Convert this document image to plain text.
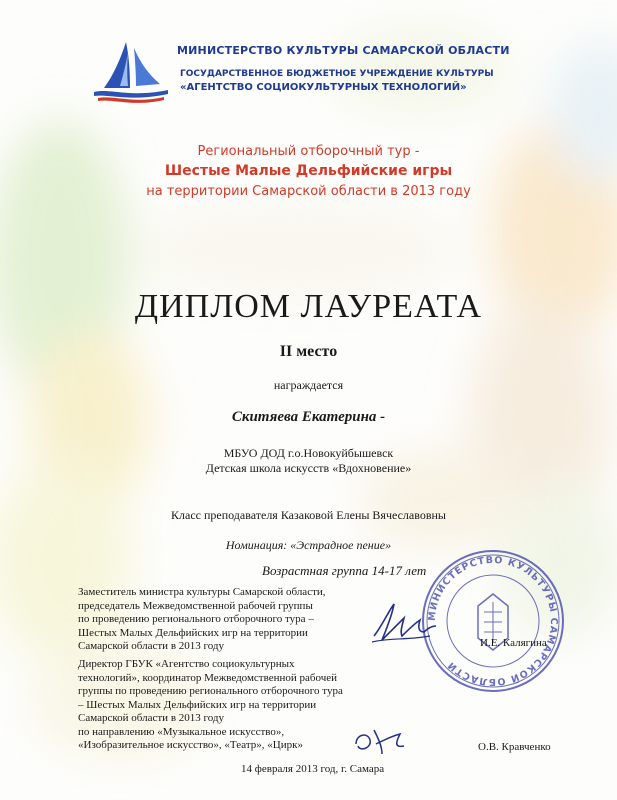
МИНИСТЕРСТВО КУЛЬТУРЫ САМАРСКОЙ ОБЛАСТИ
ГОСУДАРСТВЕННОЕ БЮДЖЕТНОЕ УЧРЕЖДЕНИЕ КУЛЬТУРЫ
«АГЕНТСТВО СОЦИОКУЛЬТУРНЫХ ТЕХНОЛОГИЙ»
Региональный отборочный тур -
Шестые Малые Дельфийские игры
на территории Самарской области в 2013 году
ДИПЛОМ ЛАУРЕАТА
II место
награждается
Скитяева Екатерина -
МБУО ДОД г.о.Новокуйбышевск
Детская школа искусств «Вдохновение»
Класс преподавателя Казаковой Елены Вячеславовны
Номинация: «Эстрадное пение»
Возрастная группа 14-17 лет
МИНИСТЕРСТВО КУЛЬТУРЫ САМАРСКОЙ ОБЛАСТИ
Заместитель министра культуры Самарской области,
председатель Межведомственной рабочей группы
по проведению регионального отборочного тура –
Шестых Малых Дельфийских игр на территории
Самарской области в 2013 году	И.Е. Калягина
Директор ГБУК «Агентство социокультурных
технологий», координатор Межведомственной рабочей
группы по проведению регионального отборочного тура
– Шестых Малых Дельфийских игр на территории
Самарской области в 2013 году
по направлению «Музыкальное искусство»,
«Изобразительное искусство», «Театр», «Цирк»	О.В. Кравченко
14 февраля 2013 год, г. Самара
